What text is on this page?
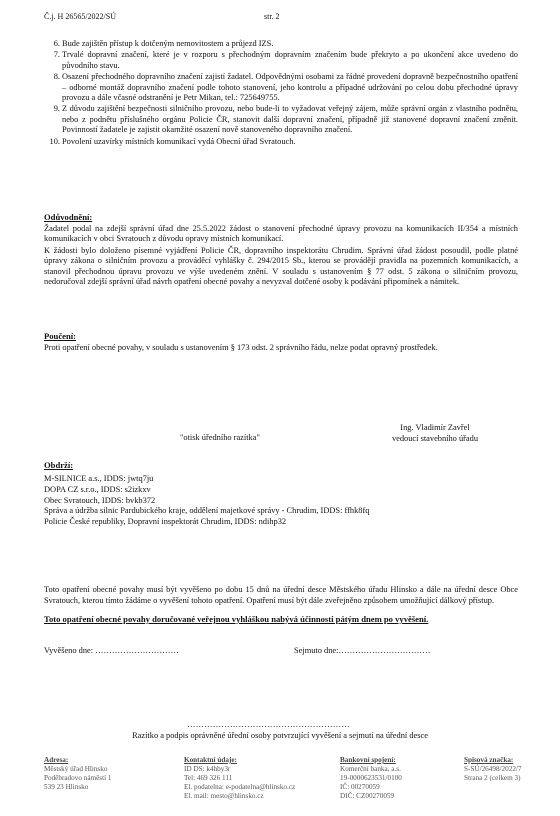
Č.j. H 26565/2022/SÚ	str. 2
6. Bude zajištěn přístup k dotčeným nemovitostem a průjezd IZS.
7. Trvalé dopravní značení, které je v rozporu s přechodným dopravním značením bude překryto a po ukončení akce uvedeno do původního stavu.
8. Osazení přechodného dopravního značení zajistí žadatel. Odpovědnými osobami za řádné provedení dopravně bezpečnostního opatření – odborné montáž dopravního značení podle tohoto stanovení, jeho kontrolu a případné udržování po celou dobu přechodné úpravy provozu a dále včasné odstranění je Petr Mikan, tel.: 725649755.
9. Z důvodu zajištění bezpečnosti silničního provozu, nebo bude-li to vyžadovat veřejný zájem, může správní orgán z vlastního podnětu, nebo z podnětu příslušného orgánu Policie ČR, stanovit další dopravní značení, případně již stanovené dopravní značení změnit. Povinností žadatele je zajistit okamžité osazení nově stanoveného dopravního značení.
10. Povolení uzavírky místních komunikací vydá Obecní úřad Svratouch.
Odůvodnění:

Žadatel podal na zdejší správní úřad dne 25.5.2022 žádost o stanovení přechodné úpravy provozu na komunikacích II/354 a místních komunikacích v obci Svratouch z důvodu opravy místních komunikací.

K žádosti bylo doloženo písemné vyjádření Policie ČR, dopravního inspektorátu Chrudim. Správní úřad žádost posoudil, podle platné úpravy zákona o silničním provozu a prováděcí vyhlášky č. 294/2015 Sb., kterou se provádějí pravidla na pozemních komunikacích, a stanovil přechodnou úpravu provozu ve výše uvedeném znění. V souladu s ustanovením § 77 odst. 5 zákona o silničním provozu, nedoručoval zdejší správní úřad návrh opatření obecné povahy a nevyzval dotčené osoby k podávání připomínek a námitek.

Poučení:

Proti opatření obecné povahy, v souladu s ustanovením § 173 odst. 2 správního řádu, nelze podat opravný prostředek.

"otisk úředního razítka"
Ing. Vladimír Zavřel
vedoucí stavebního úřadu
Obdrží:
M-SILNICE a.s., IDDS: jwtq7ju
DOPA CZ s.r.o., IDDS: s2izkxv
Obec Svratouch, IDDS: bvkb372
Správa a údržba silnic Pardubického kraje, oddělení majetkové správy - Chrudim, IDDS: ffhk8fq
Policie České republiky, Dopravní inspektorát Chrudim, IDDS: ndihp32
Toto opatření obecné povahy musí být vyvěšeno po dobu 15 dnů na úřední desce Městského úřadu Hlinsko a dále na úřední desce Obce Svratouch, kterou tímto žádáme o vyvěšení tohoto opatření. Opatření musí být dále zveřejněno způsobem umožňující dálkový přístup.
Toto opatření obecné povahy doručované veřejnou vyhláškou nabývá účinnosti pátým dnem po vyvěšení.
Vyvěšeno dne: …………………………	Sejmuto dne:……………………………
…………………………………………………
Razítko a podpis oprávněné úřední osoby potvrzující vyvěšení a sejmutí na úřední desce
Adresa:
Městský úřad Hlinsko
Poděbradovo náměstí 1
539 23 Hlinsko
Kontaktní údaje:
ID DS: k4hby3r
Tel: 469 326 111
El. podatelna: e-podatelna@hlinsko.cz
El. mail: mesto@hlinsko.cz
Bankovní spojení:
Komerční banka, a.s.
19-0000623531/0100
IČ: 00270059
DIČ: CZ00270059
Spisová značka:
S-SÚ/26498/2022/7
Strana 2 (celkem 3)
